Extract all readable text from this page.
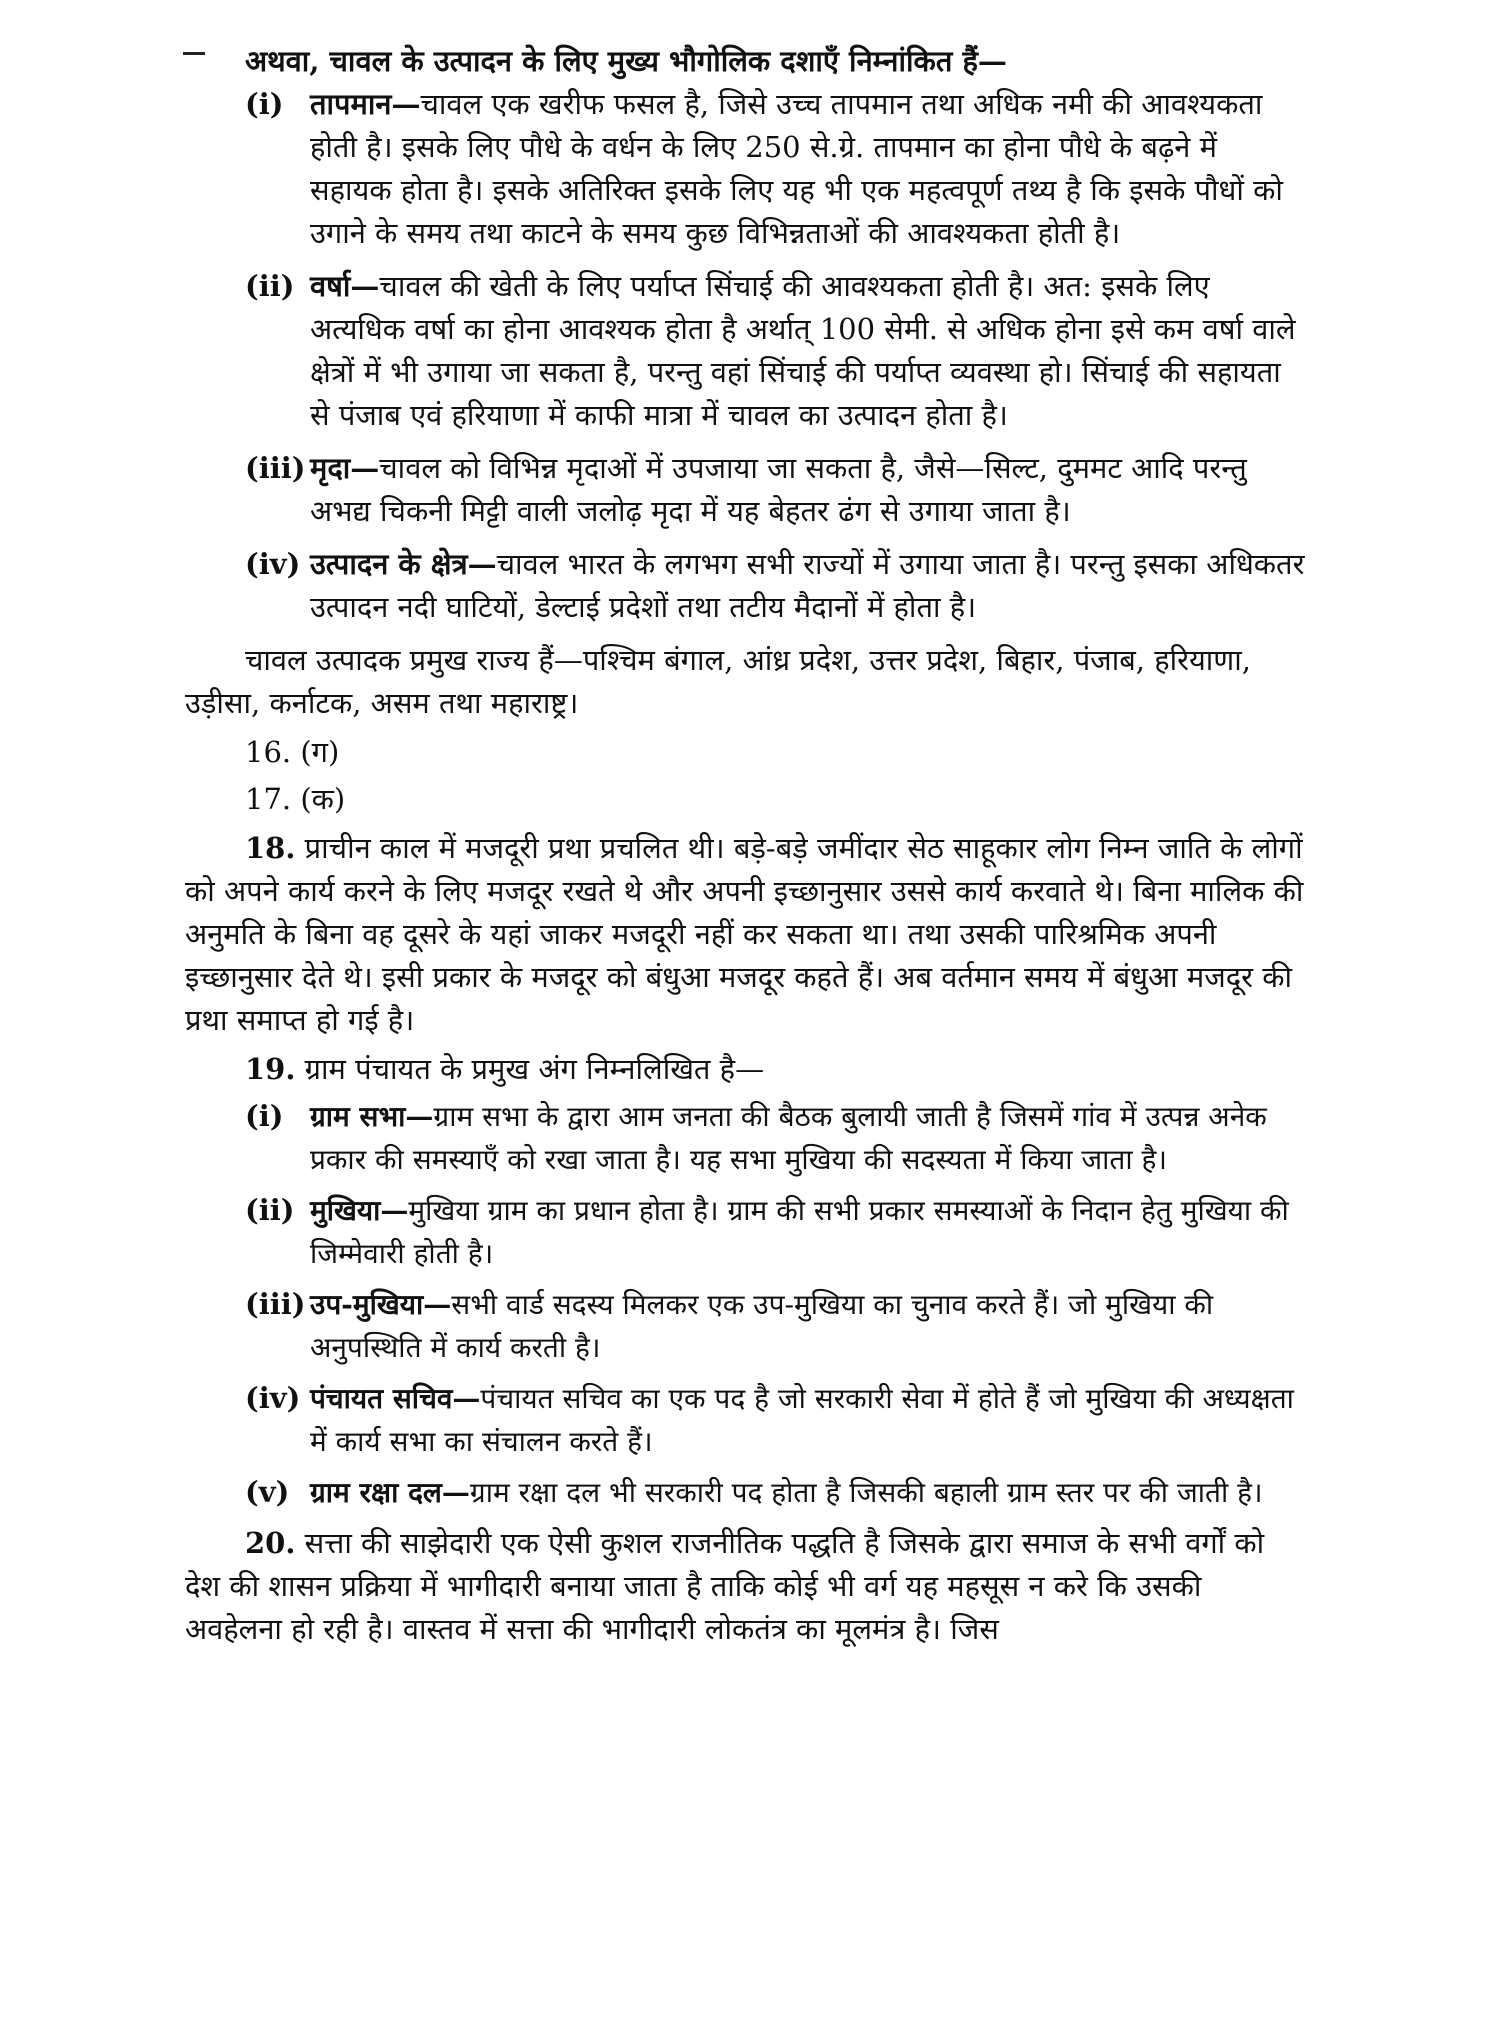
अथवा, चावल के उत्पादन के लिए मुख्य भौगोलिक दशाएँ निम्नांकित हैं—

(i) तापमान—चावल एक खरीफ फसल है, जिसे उच्च तापमान तथा अधिक नमी की आवश्यकता होती है। इसके लिए पौधे के वर्धन के लिए 250 से.ग्रे. तापमान का होना पौधे के बढ़ने में सहायक होता है। इसके अतिरिक्त इसके लिए यह भी एक महत्वपूर्ण तथ्य है कि इसके पौधों को उगाने के समय तथा काटने के समय कुछ विभिन्नताओं की आवश्यकता होती है।
(ii) वर्षा—चावल की खेती के लिए पर्याप्त सिंचाई की आवश्यकता होती है। अत: इसके लिए अत्यधिक वर्षा का होना आवश्यक होता है अर्थात् 100 सेमी. से अधिक होना इसे कम वर्षा वाले क्षेत्रों में भी उगाया जा सकता है, परन्तु वहां सिंचाई की पर्याप्त व्यवस्था हो। सिंचाई की सहायता से पंजाब एवं हरियाणा में काफी मात्रा में चावल का उत्पादन होता है।
(iii) मृदा—चावल को विभिन्न मृदाओं में उपजाया जा सकता है, जैसे—सिल्ट, दुममट आदि परन्तु अभद्य चिकनी मिट्टी वाली जलोढ़ मृदा में यह बेहतर ढंग से उगाया जाता है।
(iv) उत्पादन के क्षेत्र—चावल भारत के लगभग सभी राज्यों में उगाया जाता है। परन्तु इसका अधिकतर उत्पादन नदी घाटियों, डेल्टाई प्रदेशों तथा तटीय मैदानों में होता है।

चावल उत्पादक प्रमुख राज्य हैं—पश्चिम बंगाल, आंध्र प्रदेश, उत्तर प्रदेश, बिहार, पंजाब, हरियाणा, उड़ीसा, कर्नाटक, असम तथा महाराष्ट्र।

16. (ग)

17. (क)

18. प्राचीन काल में मजदूरी प्रथा प्रचलित थी। बड़े-बड़े जमींदार सेठ साहूकार लोग निम्न जाति के लोगों को अपने कार्य करने के लिए मजदूर रखते थे और अपनी इच्छानुसार उससे कार्य करवाते थे। बिना मालिक की अनुमति के बिना वह दूसरे के यहां जाकर मजदूरी नहीं कर सकता था। तथा उसकी पारिश्रमिक अपनी इच्छानुसार देते थे। इसी प्रकार के मजदूर को बंधुआ मजदूर कहते हैं। अब वर्तमान समय में बंधुआ मजदूर की प्रथा समाप्त हो गई है।

19. ग्राम पंचायत के प्रमुख अंग निम्नलिखित है—

(i) ग्राम सभा—ग्राम सभा के द्वारा आम जनता की बैठक बुलायी जाती है जिसमें गांव में उत्पन्न अनेक प्रकार की समस्याएँ को रखा जाता है। यह सभा मुखिया की सदस्यता में किया जाता है।
(ii) मुखिया—मुखिया ग्राम का प्रधान होता है। ग्राम की सभी प्रकार समस्याओं के निदान हेतु मुखिया की जिम्मेवारी होती है।
(iii) उप-मुखिया—सभी वार्ड सदस्य मिलकर एक उप-मुखिया का चुनाव करते हैं। जो मुखिया की अनुपस्थिति में कार्य करती है।
(iv) पंचायत सचिव—पंचायत सचिव का एक पद है जो सरकारी सेवा में होते हैं जो मुखिया की अध्यक्षता में कार्य सभा का संचालन करते हैं।
(v) ग्राम रक्षा दल—ग्राम रक्षा दल भी सरकारी पद होता है जिसकी बहाली ग्राम स्तर पर की जाती है।

20. सत्ता की साझेदारी एक ऐसी कुशल राजनीतिक पद्धति है जिसके द्वारा समाज के सभी वर्गों को देश की शासन प्रक्रिया में भागीदारी बनाया जाता है ताकि कोई भी वर्ग यह महसूस न करे कि उसकी अवहेलना हो रही है। वास्तव में सत्ता की भागीदारी लोकतंत्र का मूलमंत्र है। जिस
